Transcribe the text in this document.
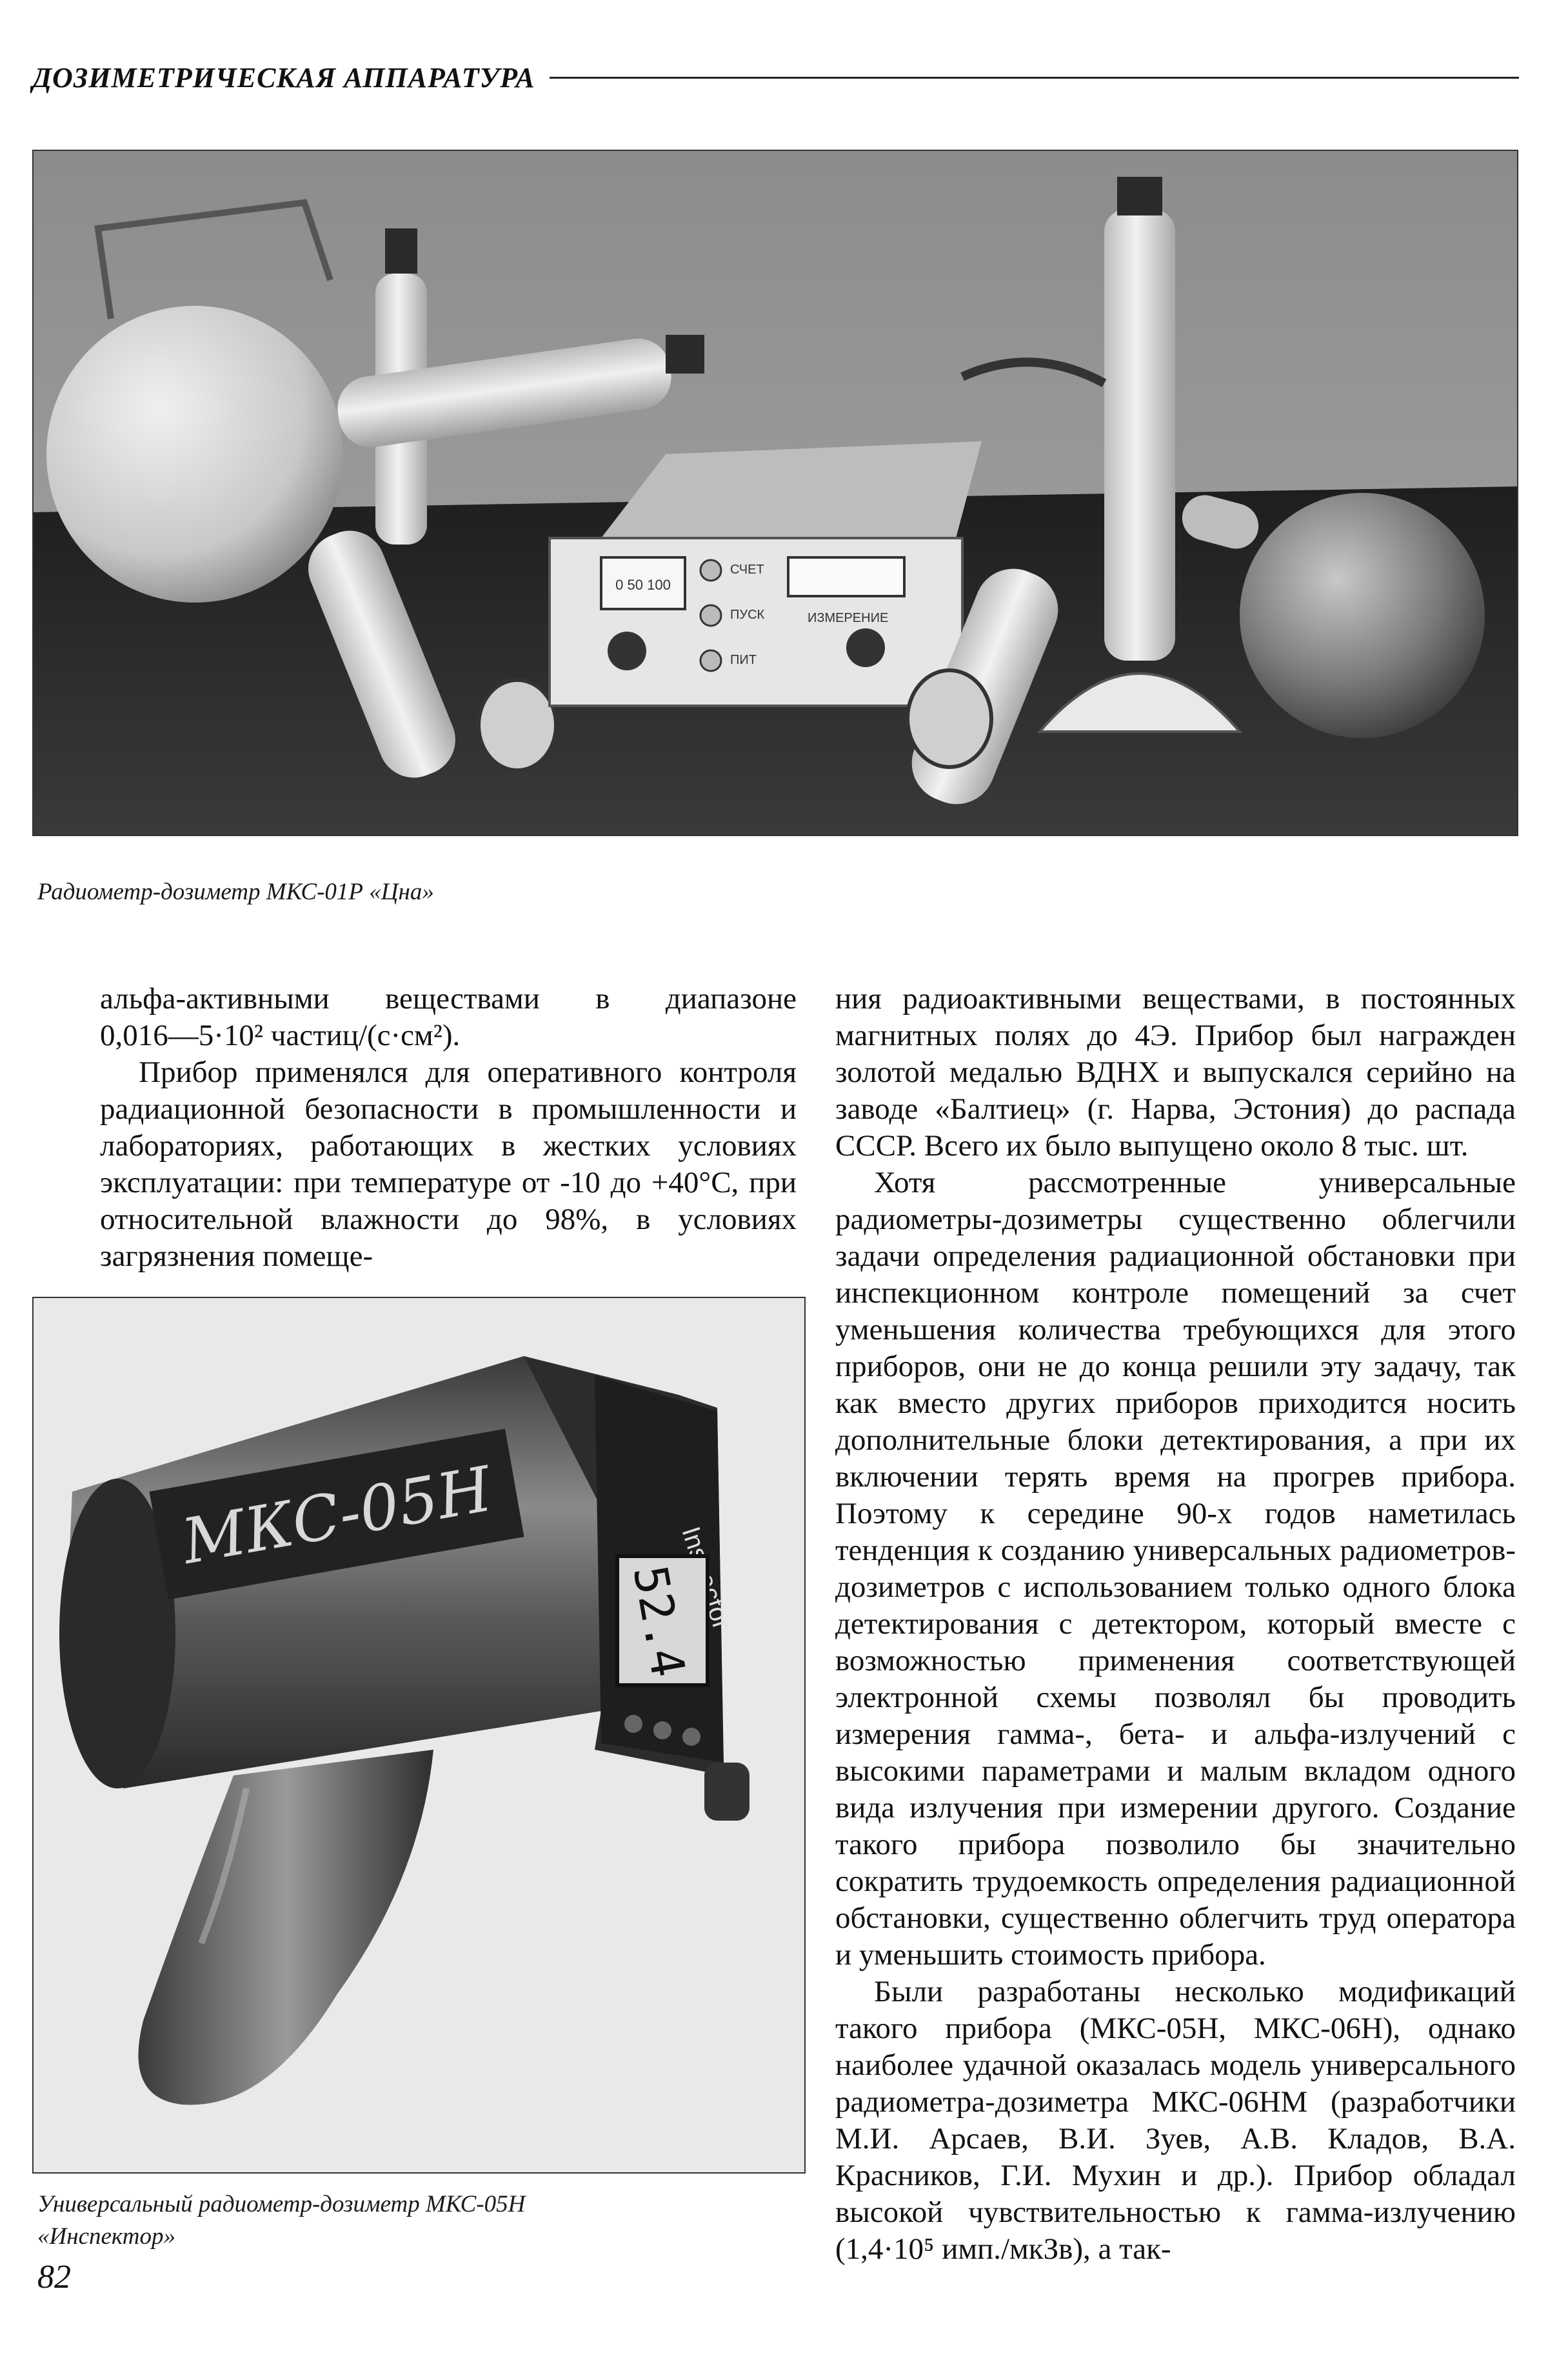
ДОЗИМЕТРИЧЕСКАЯ АППАРАТУРА
0 50 100
СЧЕТ
ПУСК
ПИТ
ИЗМЕРЕНИЕ
Радиометр-дозиметр МКС-01Р «Цна»

альфа-активными веществами в диапазоне

0,016—5·10² частиц/(с·см²).

Прибор применялся для оперативного контроля радиационной безопасности в промышленности и лабораториях, работающих в жестких условиях эксплуатации: при температуре от -10 до +40°С, при относительной влажности до 98%, в условиях загрязнения помеще-

МКС-05Н
52.4
Универсальный радиометр-дозиметр МКС-05Н
«Инспектор»

ния радиоактивными веществами, в постоянных магнитных полях до 4Э. Прибор был награжден золотой медалью ВДНХ и выпускался серийно на заводе «Балтиец» (г. Нарва, Эстония) до распада СССР. Всего их было выпущено около 8 тыс. шт.

Хотя рассмотренные универсальные радиометры-дозиметры существенно облегчили задачи определения радиационной обстановки при инспекционном контроле помещений за счет уменьшения количества требующихся для этого приборов, они не до конца решили эту задачу, так как вместо других приборов приходится носить дополнительные блоки детектирования, а при их включении терять время на прогрев прибора. Поэтому к середине 90-х годов наметилась тенденция к созданию универсальных радиометров-дозиметров с использованием только одного блока детектирования с детектором, который вместе с возможностью применения соответствующей электронной схемы позволял бы проводить измерения гамма-, бета- и альфа-излучений с высокими параметрами и малым вкладом одного вида излучения при измерении другого. Создание такого прибора позволило бы значительно сократить трудоемкость определения радиационной обстановки, существенно облегчить труд оператора и уменьшить стоимость прибора.

Были разработаны несколько модификаций такого прибора (МКС-05Н, МКС-06Н), однако наиболее удачной оказалась модель универсального радиометра-дозиметра МКС-06НМ (разработчики М.И. Арсаев, В.И. Зуев, А.В. Кладов, В.А. Красников, Г.И. Мухин и др.). Прибор обладал высокой чувствительностью к гамма-излучению (1,4·10⁵ имп./мкЗв), а так-

82
